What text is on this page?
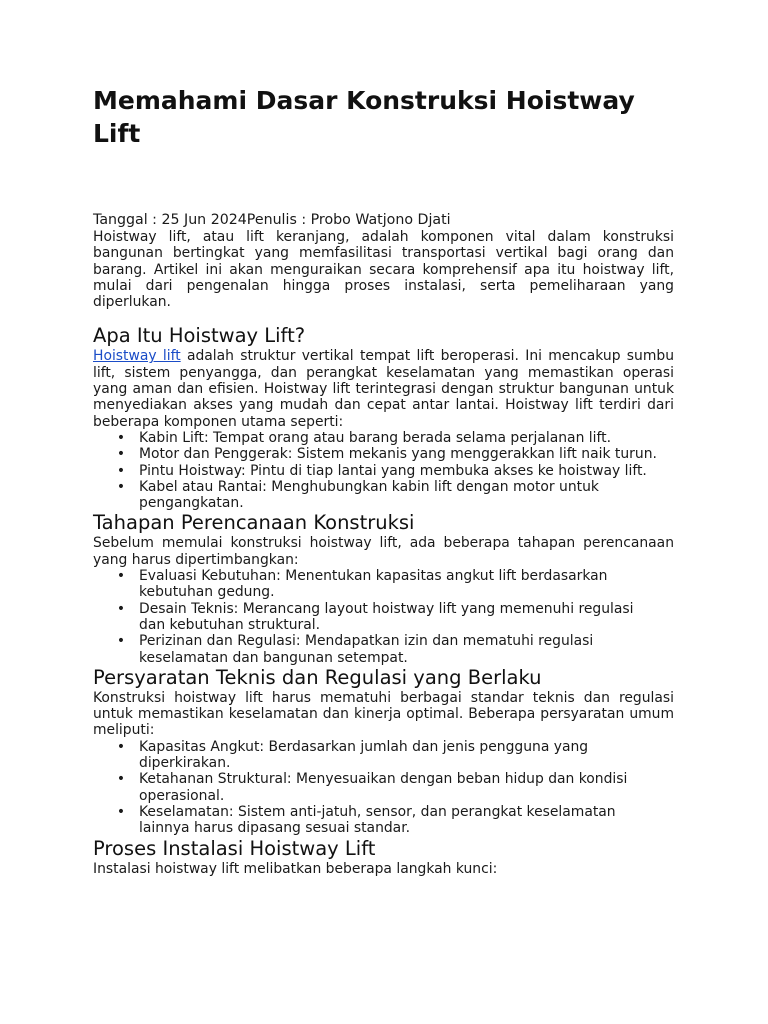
Memahami Dasar Konstruksi Hoistway Lift
Tanggal : 25 Jun 2024Penulis : Probo Watjono Djati

Hoistway lift, atau lift keranjang, adalah komponen vital dalam konstruksi bangunan bertingkat yang memfasilitasi transportasi vertikal bagi orang dan barang. Artikel ini akan menguraikan secara komprehensif apa itu hoistway lift, mulai dari pengenalan hingga proses instalasi, serta pemeliharaan yang diperlukan.

Apa Itu Hoistway Lift?

Hoistway lift adalah struktur vertikal tempat lift beroperasi. Ini mencakup sumbu lift, sistem penyangga, dan perangkat keselamatan yang memastikan operasi yang aman dan efisien. Hoistway lift terintegrasi dengan struktur bangunan untuk menyediakan akses yang mudah dan cepat antar lantai. Hoistway lift terdiri dari beberapa komponen utama seperti:

• Kabin Lift: Tempat orang atau barang berada selama perjalanan lift.
• Motor dan Penggerak: Sistem mekanis yang menggerakkan lift naik turun.
• Pintu Hoistway: Pintu di tiap lantai yang membuka akses ke hoistway lift.
• Kabel atau Rantai: Menghubungkan kabin lift dengan motor untuk pengangkatan.
Tahapan Perencanaan Konstruksi

Sebelum memulai konstruksi hoistway lift, ada beberapa tahapan perencanaan yang harus dipertimbangkan:

• Evaluasi Kebutuhan: Menentukan kapasitas angkut lift berdasarkan kebutuhan gedung.
• Desain Teknis: Merancang layout hoistway lift yang memenuhi regulasi dan kebutuhan struktural.
• Perizinan dan Regulasi: Mendapatkan izin dan mematuhi regulasi keselamatan dan bangunan setempat.
Persyaratan Teknis dan Regulasi yang Berlaku

Konstruksi hoistway lift harus mematuhi berbagai standar teknis dan regulasi untuk memastikan keselamatan dan kinerja optimal. Beberapa persyaratan umum meliputi:

• Kapasitas Angkut: Berdasarkan jumlah dan jenis pengguna yang diperkirakan.
• Ketahanan Struktural: Menyesuaikan dengan beban hidup dan kondisi operasional.
• Keselamatan: Sistem anti-jatuh, sensor, dan perangkat keselamatan lainnya harus dipasang sesuai standar.
Proses Instalasi Hoistway Lift

Instalasi hoistway lift melibatkan beberapa langkah kunci:
